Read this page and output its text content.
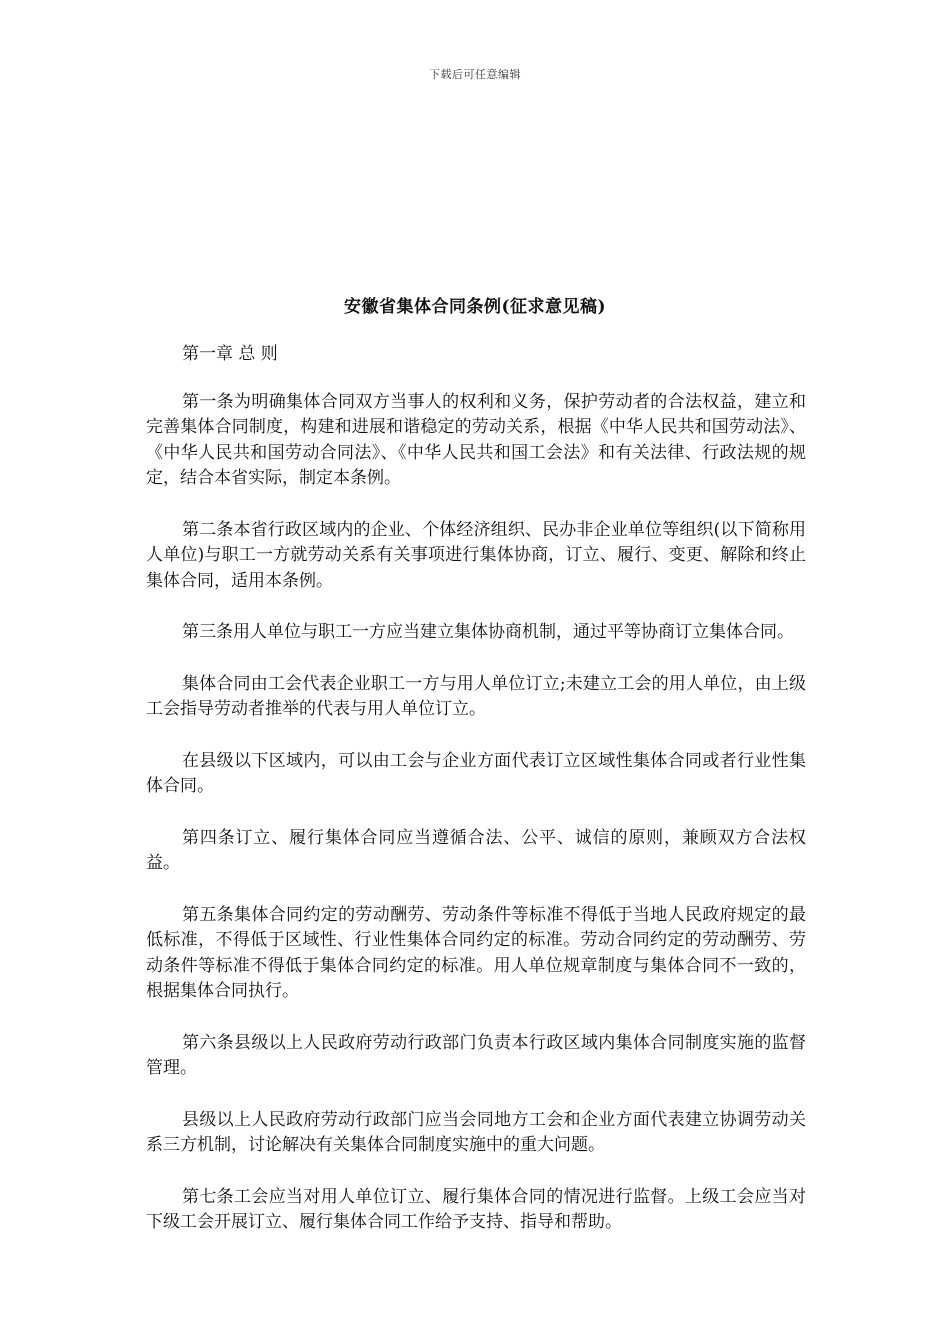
下载后可任意编辑
安徽省集体合同条例(征求意见稿)

第一章 总 则

第一条为明确集体合同双方当事人的权利和义务，保护劳动者的合法权益，建立和完善集体合同制度，构建和进展和谐稳定的劳动关系，根据《中华人民共和国劳动法》、《中华人民共和国劳动合同法》、《中华人民共和国工会法》和有关法律、行政法规的规定，结合本省实际，制定本条例。

第二条本省行政区域内的企业、个体经济组织、民办非企业单位等组织(以下简称用人单位)与职工一方就劳动关系有关事项进行集体协商，订立、履行、变更、解除和终止集体合同，适用本条例。

第三条用人单位与职工一方应当建立集体协商机制，通过平等协商订立集体合同。

集体合同由工会代表企业职工一方与用人单位订立;未建立工会的用人单位，由上级工会指导劳动者推举的代表与用人单位订立。

在县级以下区域内，可以由工会与企业方面代表订立区域性集体合同或者行业性集体合同。

第四条订立、履行集体合同应当遵循合法、公平、诚信的原则，兼顾双方合法权益。

第五条集体合同约定的劳动酬劳、劳动条件等标准不得低于当地人民政府规定的最低标准，不得低于区域性、行业性集体合同约定的标准。劳动合同约定的劳动酬劳、劳动条件等标准不得低于集体合同约定的标准。用人单位规章制度与集体合同不一致的，根据集体合同执行。

第六条县级以上人民政府劳动行政部门负责本行政区域内集体合同制度实施的监督管理。

县级以上人民政府劳动行政部门应当会同地方工会和企业方面代表建立协调劳动关系三方机制，讨论解决有关集体合同制度实施中的重大问题。

第七条工会应当对用人单位订立、履行集体合同的情况进行监督。上级工会应当对下级工会开展订立、履行集体合同工作给予支持、指导和帮助。
